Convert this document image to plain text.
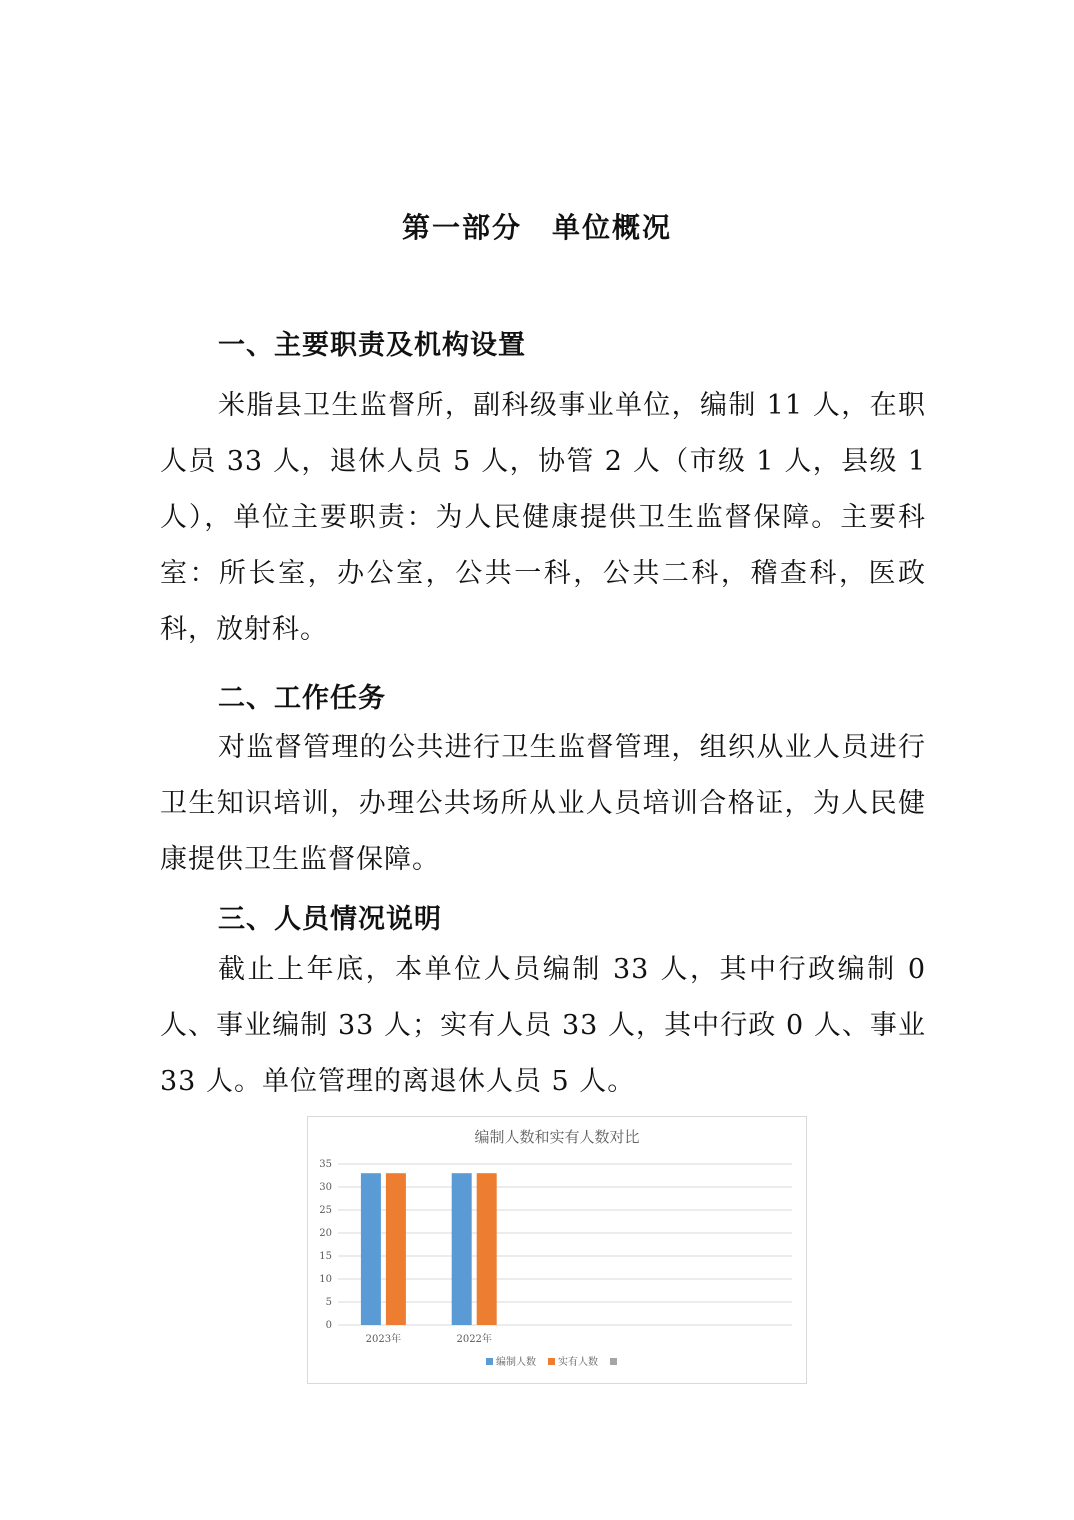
第一部分　单位概况
一、主要职责及机构设置
米脂县卫生监督所，副科级事业单位，编制 11 人，在职人员 33 人，退休人员 5 人，协管 2 人（市级 1 人，县级 1 人），单位主要职责：为人民健康提供卫生监督保障。主要科室：所长室，办公室，公共一科，公共二科，稽查科，医政科，放射科。
二、工作任务
对监督管理的公共进行卫生监督管理，组织从业人员进行卫生知识培训，办理公共场所从业人员培训合格证，为人民健康提供卫生监督保障。
三、人员情况说明
截止上年底，本单位人员编制 33 人，其中行政编制 0 人、事业编制 33 人；实有人员 33 人，其中行政 0 人、事业 33 人。单位管理的离退休人员 5 人。
编制人数和实有人数对比
0
5
10
15
20
25
30
35
2023年	2022年
编制人数 实有人数
